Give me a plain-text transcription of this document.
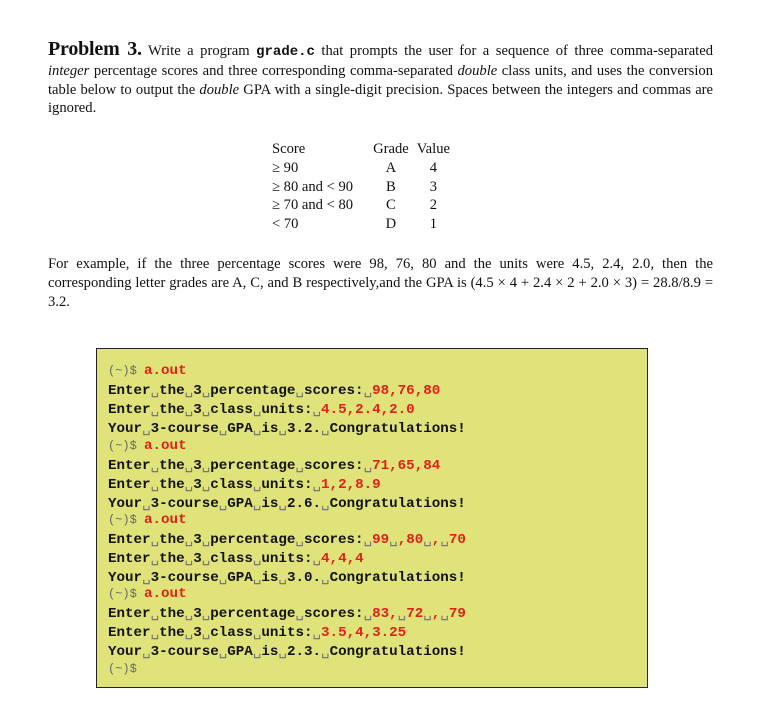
Problem 3. Write a program grade.c that prompts the user for a sequence of three comma-separated integer percentage scores and three corresponding comma-separated double class units, and uses the conversion table below to output the double GPA with a single-digit precision. Spaces between the integers and commas are ignored.
Score	Grade	Value
≥ 90	A	4
≥ 80 and < 90	B	3
≥ 70 and < 80	C	2
< 70	D	1
For example, if the three percentage scores were 98, 76, 80 and the units were 4.5, 2.4, 2.0, then the corresponding letter grades are A, C, and B respectively,and the GPA is (4.5 × 4 + 2.4 × 2 + 2.0 × 3) = 28.8/8.9 = 3.2.
(~)$ a.out
Enter␣the␣3␣percentage␣scores:␣98,76,80
Enter␣the␣3␣class␣units:␣4.5,2.4,2.0
Your␣3-course␣GPA␣is␣3.2.␣Congratulations!
(~)$ a.out
Enter␣the␣3␣percentage␣scores:␣71,65,84
Enter␣the␣3␣class␣units:␣1,2,8.9
Your␣3-course␣GPA␣is␣2.6.␣Congratulations!
(~)$ a.out
Enter␣the␣3␣percentage␣scores:␣99␣,80␣,␣70
Enter␣the␣3␣class␣units:␣4,4,4
Your␣3-course␣GPA␣is␣3.0.␣Congratulations!
(~)$ a.out
Enter␣the␣3␣percentage␣scores:␣83,␣72␣,␣79
Enter␣the␣3␣class␣units:␣3.5,4,3.25
Your␣3-course␣GPA␣is␣2.3.␣Congratulations!
(~)$
